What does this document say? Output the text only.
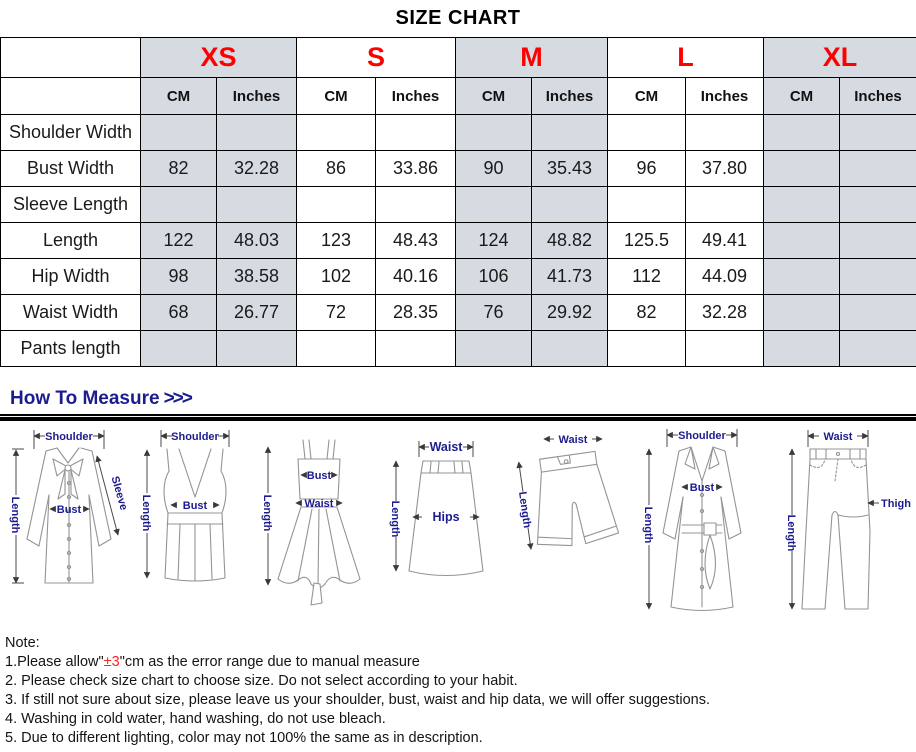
SIZE CHART
	XS		S		M		L		XL	
	CM	Inches	CM	Inches	CM	Inches	CM	Inches	CM	Inches
Shoulder Width										
Bust Width	82	32.28	86	33.86	90	35.43	96	37.80		
Sleeve Length										
Length	122	48.03	123	48.43	124	48.82	125.5	49.41		
Hip Width	98	38.58	102	40.16	106	41.73	112	44.09		
Waist Width	68	26.77	72	28.35	76	29.92	82	32.28		
Pants length										
How To Measure >>>
Shoulder
Length	Bust Sleeve
Shoulder
Length	Bust	Length
Bust
Waist
Waist
Length	Hips
Waist
Length
Shoulder
Length
Bust
Waist
Length
Thigh
Note:
1.Please allow"±3"cm as the error range due to manual measure
2. Please check size chart to choose size. Do not select according to your habit.
3. If still not sure about size, please leave us your shoulder, bust, waist and hip data, we will offer suggestions.
4. Washing in cold water, hand washing, do not use bleach.
5. Due to different lighting, color may not 100% the same as in description.
